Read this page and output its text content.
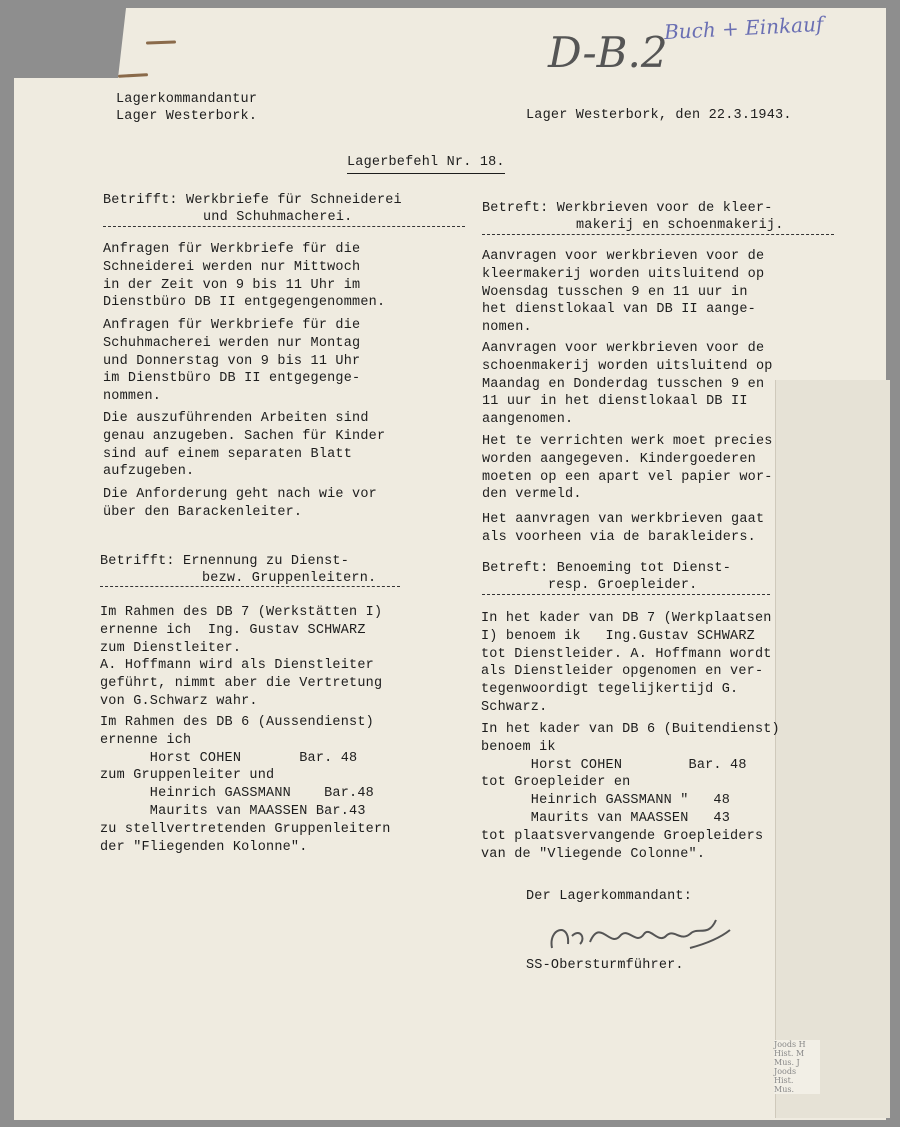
D-B.2
Buch + Einkauf
Lagerkommandantur
Lager Westerbork.	Lager Westerbork, den 22.3.1943.
Lagerbefehl Nr. 18.
Betrifft: Werkbriefe für Schneiderei
und Schuhmacherei.
Anfragen für Werkbriefe für die
Schneiderei werden nur Mittwoch
in der Zeit von 9 bis 11 Uhr im
Dienstbüro DB II entgegengenommen.
Anfragen für Werkbriefe für die
Schuhmacherei werden nur Montag
und Donnerstag von 9 bis 11 Uhr
im Dienstbüro DB II entgegenge-
nommen.
Die auszuführenden Arbeiten sind
genau anzugeben. Sachen für Kinder
sind auf einem separaten Blatt
aufzugeben.
Die Anforderung geht nach wie vor
über den Barackenleiter.
Betreft: Werkbrieven voor de kleer-
makerij en schoenmakerij.
Aanvragen voor werkbrieven voor de
kleermakerij worden uitsluitend op
Woensdag tusschen 9 en 11 uur in
het dienstlokaal van DB II aange-
nomen.
Aanvragen voor werkbrieven voor de
schoenmakerij worden uitsluitend op
Maandag en Donderdag tusschen 9 en
11 uur in het dienstlokaal DB II
aangenomen.
Het te verrichten werk moet precies
worden aangegeven. Kindergoederen
moeten op een apart vel papier wor-
den vermeld.
Het aanvragen van werkbrieven gaat
als voorheen via de barakleiders.
Betrifft: Ernennung zu Dienst-
bezw. Gruppenleitern.
Im Rahmen des DB 7 (Werkstätten I)
ernenne ich  Ing. Gustav SCHWARZ
zum Dienstleiter.
A. Hoffmann wird als Dienstleiter
geführt, nimmt aber die Vertretung
von G.Schwarz wahr.
Im Rahmen des DB 6 (Aussendienst)
ernenne ich
Horst COHEN       Bar. 48
zum Gruppenleiter und
Heinrich GASSMANN    Bar.48
Maurits van MAASSEN Bar.43
zu stellvertretenden Gruppenleitern
der "Fliegenden Kolonne".
Betreft: Benoeming tot Dienst-
resp. Groepleider.
In het kader van DB 7 (Werkplaatsen
I) benoem ik   Ing.Gustav SCHWARZ
tot Dienstleider. A. Hoffmann wordt
als Dienstleider opgenomen en ver-
tegenwoordigt tegelijkertijd G.
Schwarz.
In het kader van DB 6 (Buitendienst)
benoem ik
Horst COHEN        Bar. 48
tot Groepleider en
Heinrich GASSMANN "   48
Maurits van MAASSEN   43
tot plaatsvervangende Groepleiders
van de "Vliegende Colonne".
Der Lagerkommandant:
SS-Obersturmführer.
Joods H
Hist. M
Mus. J
Joods
Hist.
Mus.
